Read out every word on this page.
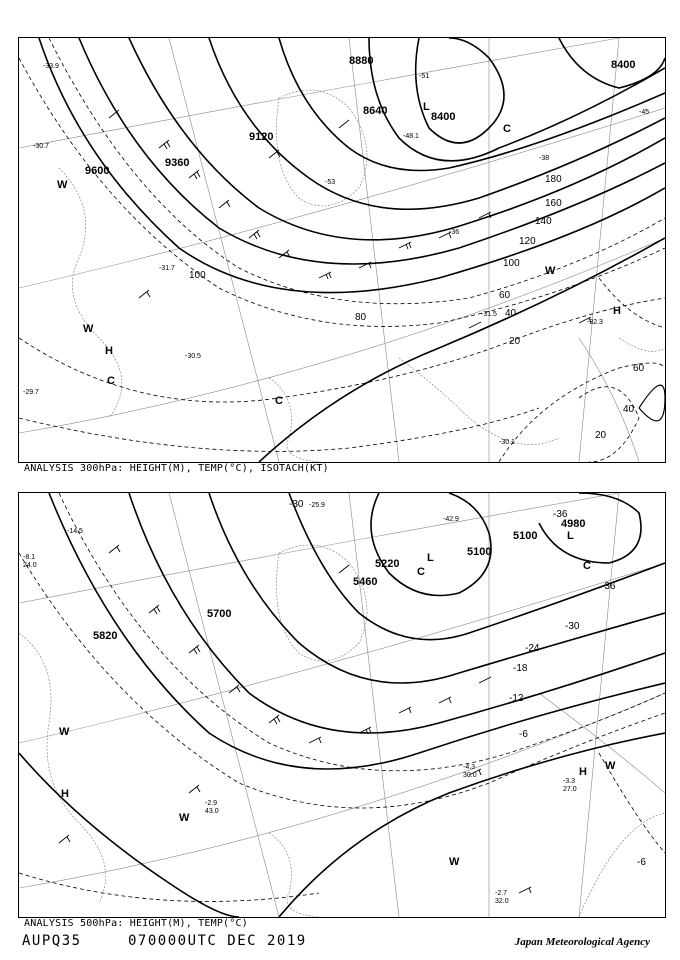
8880
8640	8400
8400
9120
9360
9600
100
120
140
160
180
80
60
40
20
20
40
60
100
L
H
H
C
C
C
W
W
W
-33.9
-30.7
-31.5
-32.3
-30.1
-29.7
-51
-53
-45
-36
-38
-48.1
-31.7
-30.5
ANALYSIS 300hPa: HEIGHT(M), TEMP(°C), ISOTACH(KT)
4980
5100
5100
5220
5460
5700
5820
-36
-30
-24
-18
-12
-6
-30
-36
-6
L
L
H
H
C	C
W
W
W
W
-4.3
30.0
-3.3
27.0
-2.7
32.0
-8.1
24.0
-14.5
-25.9
-42.9
-2.9
43.0
ANALYSIS 500hPa: HEIGHT(M), TEMP(°C)
AUPQ35	070000UTC DEC 2019	Japan Meteorological Agency
